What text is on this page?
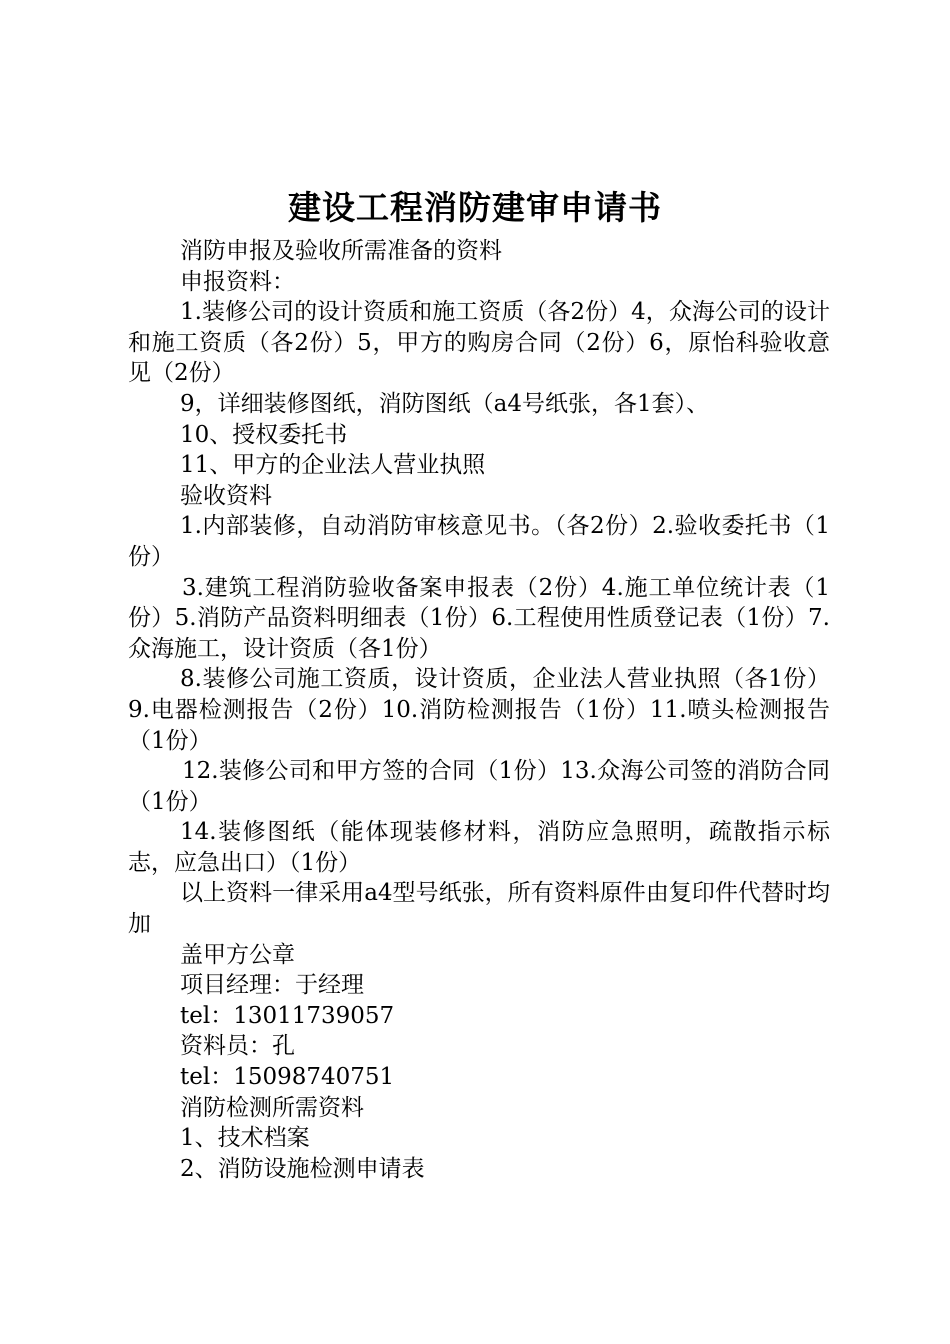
建设工程消防建审申请书

消防申报及验收所需准备的资料

申报资料：

1.装修公司的设计资质和施工资质（各2份）4，众海公司的设计和施工资质（各2份）5，甲方的购房合同（2份）6，原怡科验收意见（2份）

9，详细装修图纸，消防图纸（a4号纸张，各1套）、

10、授权委托书

11、甲方的企业法人营业执照

验收资料

1.内部装修，自动消防审核意见书。（各2份）2.验收委托书（1份）

3.建筑工程消防验收备案申报表（2份）4.施工单位统计表（1份）5.消防产品资料明细表（1份）6.工程使用性质登记表（1份）7.众海施工，设计资质（各1份）

8.装修公司施工资质，设计资质，企业法人营业执照（各1份）9.电器检测报告（2份）10.消防检测报告（1份）11.喷头检测报告（1份）

12.装修公司和甲方签的合同（1份）13.众海公司签的消防合同（1份）

14.装修图纸（能体现装修材料，消防应急照明，疏散指示标志，应急出口）（1份）

以上资料一律采用a4型号纸张，所有资料原件由复印件代替时均加

盖甲方公章

项目经理：于经理

tel：13011739057

资料员：孔

tel：15098740751

消防检测所需资料

1、技术档案

2、消防设施检测申请表
